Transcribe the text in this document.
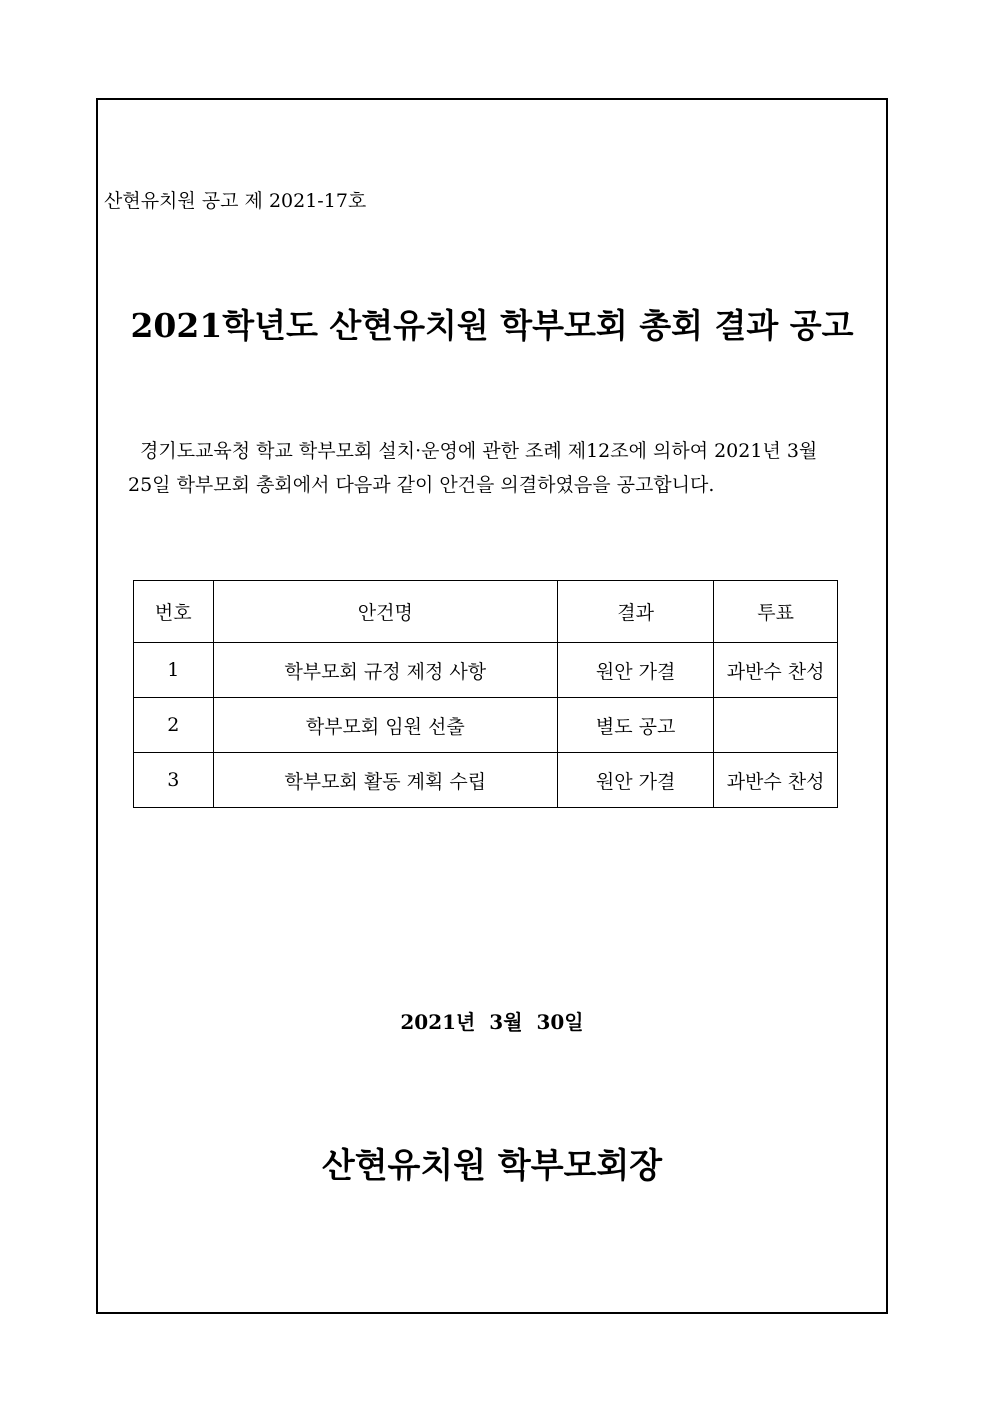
산현유치원 공고 제 2021-17호
2021학년도 산현유치원 학부모회 총회 결과 공고
경기도교육청 학교 학부모회 설치·운영에 관한 조례 제12조에 의하여 2021년 3월
25일 학부모회 총회에서 다음과 같이 안건을 의결하였음을 공고합니다.
번호	안건명	결과	투표
1	학부모회 규정 제정 사항	원안 가결	과반수 찬성
2	학부모회 임원 선출	별도 공고	
3	학부모회 활동 계획 수립	원안 가결	과반수 찬성
2021년  3월  30일
산현유치원 학부모회장
